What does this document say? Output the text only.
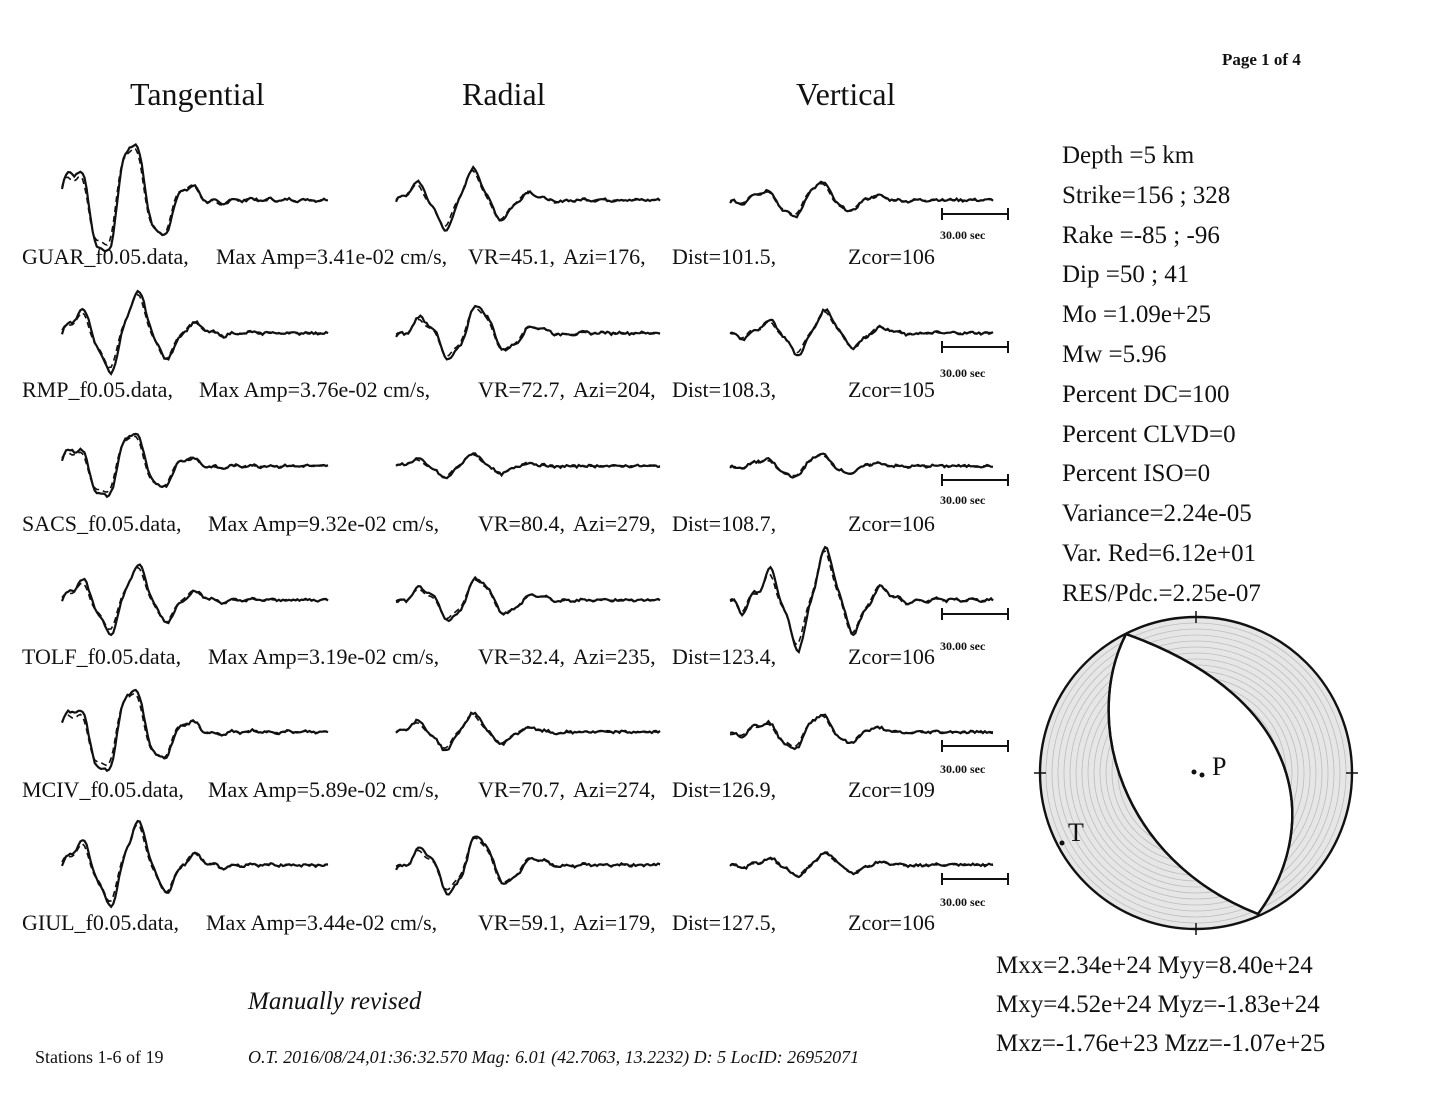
Page 1 of 4
Tangential	Radial	Vertical
GUAR_f0.05.data, Max Amp=3.41e-02 cm/s, VR=45.1, Azi=176, Dist=101.5,	Zcor=106
RMP_f0.05.data, Max Amp=3.76e-02 cm/s, VR=72.7, Azi=204, Dist=108.3,	Zcor=105
SACS_f0.05.data, Max Amp=9.32e-02 cm/s, VR=80.4, Azi=279, Dist=108.7,	Zcor=106
TOLF_f0.05.data, Max Amp=3.19e-02 cm/s, VR=32.4, Azi=235, Dist=123.4,	Zcor=106
MCIV_f0.05.data, Max Amp=5.89e-02 cm/s, VR=70.7, Azi=274, Dist=126.9,	Zcor=109
GIUL_f0.05.data, Max Amp=3.44e-02 cm/s, VR=59.1, Azi=179, Dist=127.5,	Zcor=106
30.00 sec
30.00 sec
30.00 sec
30.00 sec
30.00 sec
30.00 sec
Depth =5 km
Strike=156 ; 328
Rake =-85 ; -96
Dip =50 ; 41
Mo =1.09e+25
Mw =5.96
Percent DC=100
Percent CLVD=0
Percent ISO=0
Variance=2.24e-05
Var. Red=6.12e+01
RES/Pdc.=2.25e-07
P
T
Mxx=2.34e+24 Myy=8.40e+24
Mxy=4.52e+24 Myz=-1.83e+24
Mxz=-1.76e+23 Mzz=-1.07e+25
Manually revised
Stations 1-6 of 19	O.T. 2016/08/24,01:36:32.570 Mag: 6.01 (42.7063, 13.2232) D: 5 LocID: 26952071
